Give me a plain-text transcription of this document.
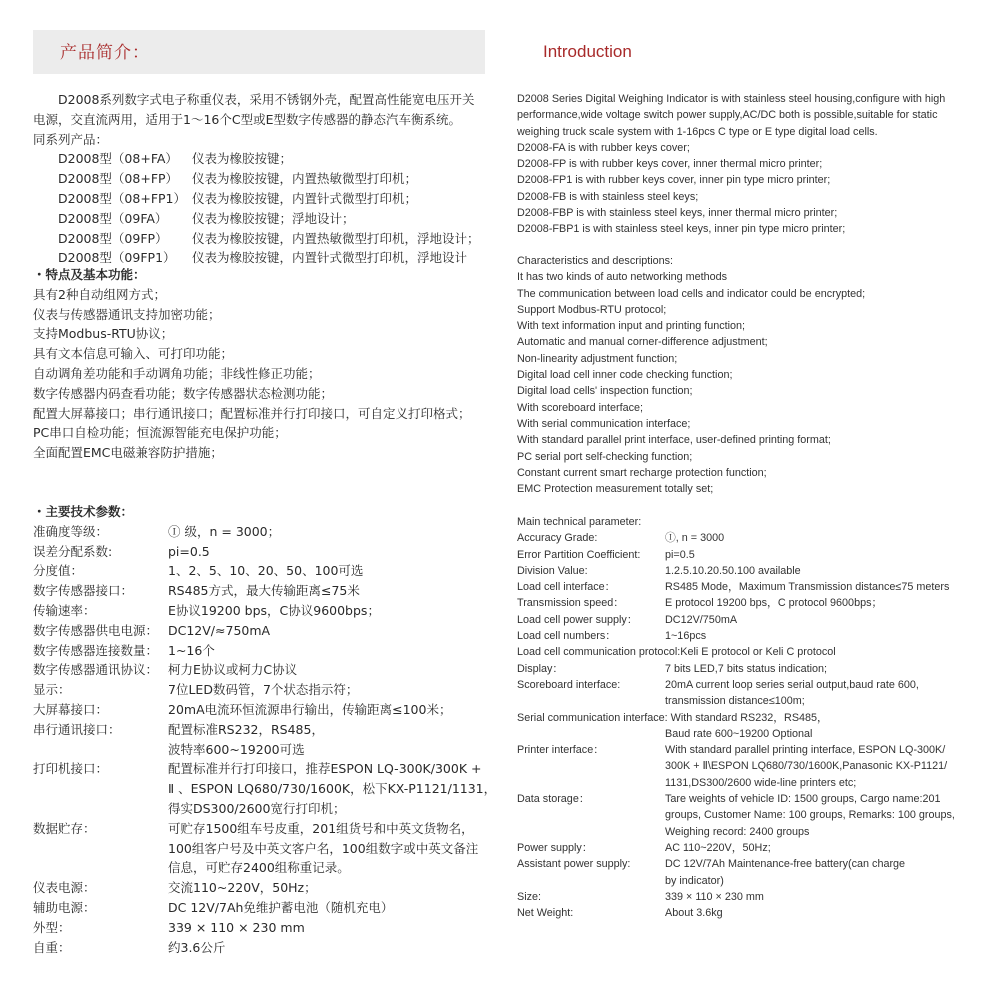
产品简介：	Introduction
D2008系列数字式电子称重仪表，采用不锈钢外壳，配置高性能宽电压开关
电源，交直流两用，适用于1～16个C型或E型数字传感器的静态汽车衡系统。
同系列产品：
D2008型（08+FA）	仪表为橡胶按键；
D2008型（08+FP）	仪表为橡胶按键，内置热敏微型打印机；
D2008型（08+FP1） 仪表为橡胶按键，内置针式微型打印机；
D2008型（09FA）	仪表为橡胶按键；浮地设计；
D2008型（09FP）	仪表为橡胶按键，内置热敏微型打印机，浮地设计；
D2008型（09FP1）	仪表为橡胶按键，内置针式微型打印机，浮地设计
・特点及基本功能：
具有2种自动组网方式；
仪表与传感器通讯支持加密功能；
支持Modbus-RTU协议；
具有文本信息可输入、可打印功能；
自动调角差功能和手动调角功能；非线性修正功能；
数字传感器内码查看功能；数字传感器状态检测功能；
配置大屏幕接口；串行通讯接口；配置标准并行打印接口，可自定义打印格式；
PC串口自检功能；恒流源智能充电保护功能；
全面配置EMC电磁兼容防护措施；
・主要技术参数：
准确度等级：	Ⓘ 级，n = 3000；
误差分配系数:	pi=0.5
分度值：	1、2、5、10、20、50、100可选
数字传感器接口：	RS485方式，最大传输距离≤75米
传输速率：	E协议19200 bps，C协议9600bps；
数字传感器供电电源： DC12V/≈750mA
数字传感器连接数量： 1~16个
数字传感器通讯协议： 柯力E协议或柯力C协议
显示：	7位LED数码管，7个状态指示符；
大屏幕接口：	20mA电流环恒流源串行输出，传输距离≤100米；
串行通讯接口：	配置标准RS232，RS485，
波特率600~19200可选
打印机接口：	配置标准并行打印接口，推荐ESPON LQ-300K/300K +
Ⅱ 、ESPON LQ680/730/1600K，松下KX-P1121/1131，
得实DS300/2600宽行打印机；
数据贮存：	可贮存1500组车号皮重，201组货号和中英文货物名，
100组客户号及中英文客户名，100组数字或中英文备注
信息，可贮存2400组称重记录。
仪表电源：	交流110~220V，50Hz；
辅助电源：	DC 12V/7Ah免维护蓄电池（随机充电）
外型：	339 × 110 × 230 mm
自重：	约3.6公斤
D2008 Series Digital Weighing Indicator is with stainless steel housing,configure with high
performance,wide voltage switch power supply,AC/DC both is possible,suitable for static
weighing truck scale system with 1-16pcs C type or E type digital load cells.
D2008-FA is with rubber keys cover;
D2008-FP is with rubber keys cover, inner thermal micro printer;
D2008-FP1 is with rubber keys cover, inner pin type micro printer;
D2008-FB is with stainless steel keys;
D2008-FBP is with stainless steel keys, inner thermal micro printer;
D2008-FBP1 is with stainless steel keys, inner pin type micro printer;
Characteristics and descriptions:
It has two kinds of auto networking methods
The communication between load cells and indicator could be encrypted;
Support Modbus-RTU protocol;
With text information input and printing function;
Automatic and manual corner-difference adjustment;
Non-linearity adjustment function;
Digital load cell inner code checking function;
Digital load cells' inspection function;
With scoreboard interface;
With serial communication interface;
With standard parallel print interface, user-defined printing format;
PC serial port self-checking function;
Constant current smart recharge protection function;
EMC Protection measurement totally set;
Main technical parameter:
Accuracy Grade:	Ⓘ, n = 3000
Error Partition Coefficient:	pi=0.5
Division Value:	1.2.5.10.20.50.100 available
Load cell interface：	RS485 Mode，Maximum Transmission distance≤75 meters
Transmission speed：	E protocol 19200 bps，C protocol 9600bps；
Load cell power supply：	DC12V/750mA
Load cell numbers：	1~16pcs
Load cell communication protocol:Keli E protocol or Keli C protocol
Display：	7 bits LED,7 bits status indication;
Scoreboard interface:	20mA current loop series serial output,baud rate 600,
transmission distance≤100m;
Serial communication interface: With standard RS232，RS485，
Baud rate 600~19200 Optional
Printer interface：	With standard parallel printing interface, ESPON LQ-300K/
300K + Ⅱ\ESPON LQ680/730/1600K,Panasonic KX-P1121/
1131,DS300/2600 wide-line printers etc;
Data storage：	Tare weights of vehicle ID: 1500 groups, Cargo name:201
groups, Customer Name: 100 groups, Remarks: 100 groups,
Weighing record: 2400 groups
Power supply：	AC 110~220V，50Hz;
Assistant power supply:	DC 12V/7Ah Maintenance-free battery(can charge
by indicator)
Size:	339 × 110 × 230 mm
Net Weight:	About 3.6kg
